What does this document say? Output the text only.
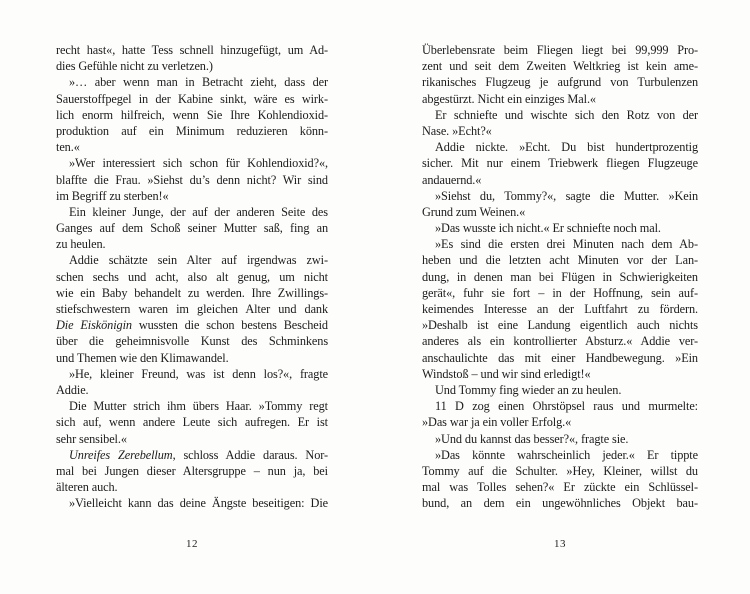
recht hast«, hatte Tess schnell hinzugefügt, um Ad-
dies Gefühle nicht zu verletzen.)
»… aber wenn man in Betracht zieht, dass der
Sauerstoffpegel in der Kabine sinkt, wäre es wirk-
lich enorm hilfreich, wenn Sie Ihre Kohlendioxid-
produktion auf ein Minimum reduzieren könn-
ten.«
»Wer interessiert sich schon für Kohlendioxid?«,
blaffte die Frau. »Siehst du’s denn nicht? Wir sind
im Begriff zu sterben!«
Ein kleiner Junge, der auf der anderen Seite des
Ganges auf dem Schoß seiner Mutter saß, fing an
zu heulen.
Addie schätzte sein Alter auf irgendwas zwi-
schen sechs und acht, also alt genug, um nicht
wie ein Baby behandelt zu werden. Ihre Zwillings-
stiefschwestern waren im gleichen Alter und dank
Die Eiskönigin wussten die schon bestens Bescheid
über die geheimnisvolle Kunst des Schminkens
und Themen wie den Klimawandel.
»He, kleiner Freund, was ist denn los?«, fragte
Addie.
Die Mutter strich ihm übers Haar. »Tommy regt
sich auf, wenn andere Leute sich aufregen. Er ist
sehr sensibel.«
Unreifes Zerebellum, schloss Addie daraus. Nor-
mal bei Jungen dieser Altersgruppe – nun ja, bei
älteren auch.
»Vielleicht kann das deine Ängste beseitigen: Die
12
Überlebensrate beim Fliegen liegt bei 99,999 Pro-
zent und seit dem Zweiten Weltkrieg ist kein ame-
rikanisches Flugzeug je aufgrund von Turbulenzen
abgestürzt. Nicht ein einziges Mal.«
Er schniefte und wischte sich den Rotz von der
Nase. »Echt?«
Addie nickte. »Echt. Du bist hundertprozentig
sicher. Mit nur einem Triebwerk fliegen Flugzeuge
andauernd.«
»Siehst du, Tommy?«, sagte die Mutter. »Kein
Grund zum Weinen.«
»Das wusste ich nicht.« Er schniefte noch mal.
»Es sind die ersten drei Minuten nach dem Ab-
heben und die letzten acht Minuten vor der Lan-
dung, in denen man bei Flügen in Schwierigkeiten
gerät«, fuhr sie fort – in der Hoffnung, sein auf-
keimendes Interesse an der Luftfahrt zu fördern.
»Deshalb ist eine Landung eigentlich auch nichts
anderes als ein kontrollierter Absturz.« Addie ver-
anschaulichte das mit einer Handbewegung. »Ein
Windstoß – und wir sind erledigt!«
Und Tommy fing wieder an zu heulen.
11 D zog einen Ohrstöpsel raus und murmelte:
»Das war ja ein voller Erfolg.«
»Und du kannst das besser?«, fragte sie.
»Das könnte wahrscheinlich jeder.« Er tippte
Tommy auf die Schulter. »Hey, Kleiner, willst du
mal was Tolles sehen?« Er zückte ein Schlüssel-
bund, an dem ein ungewöhnliches Objekt bau-
13
